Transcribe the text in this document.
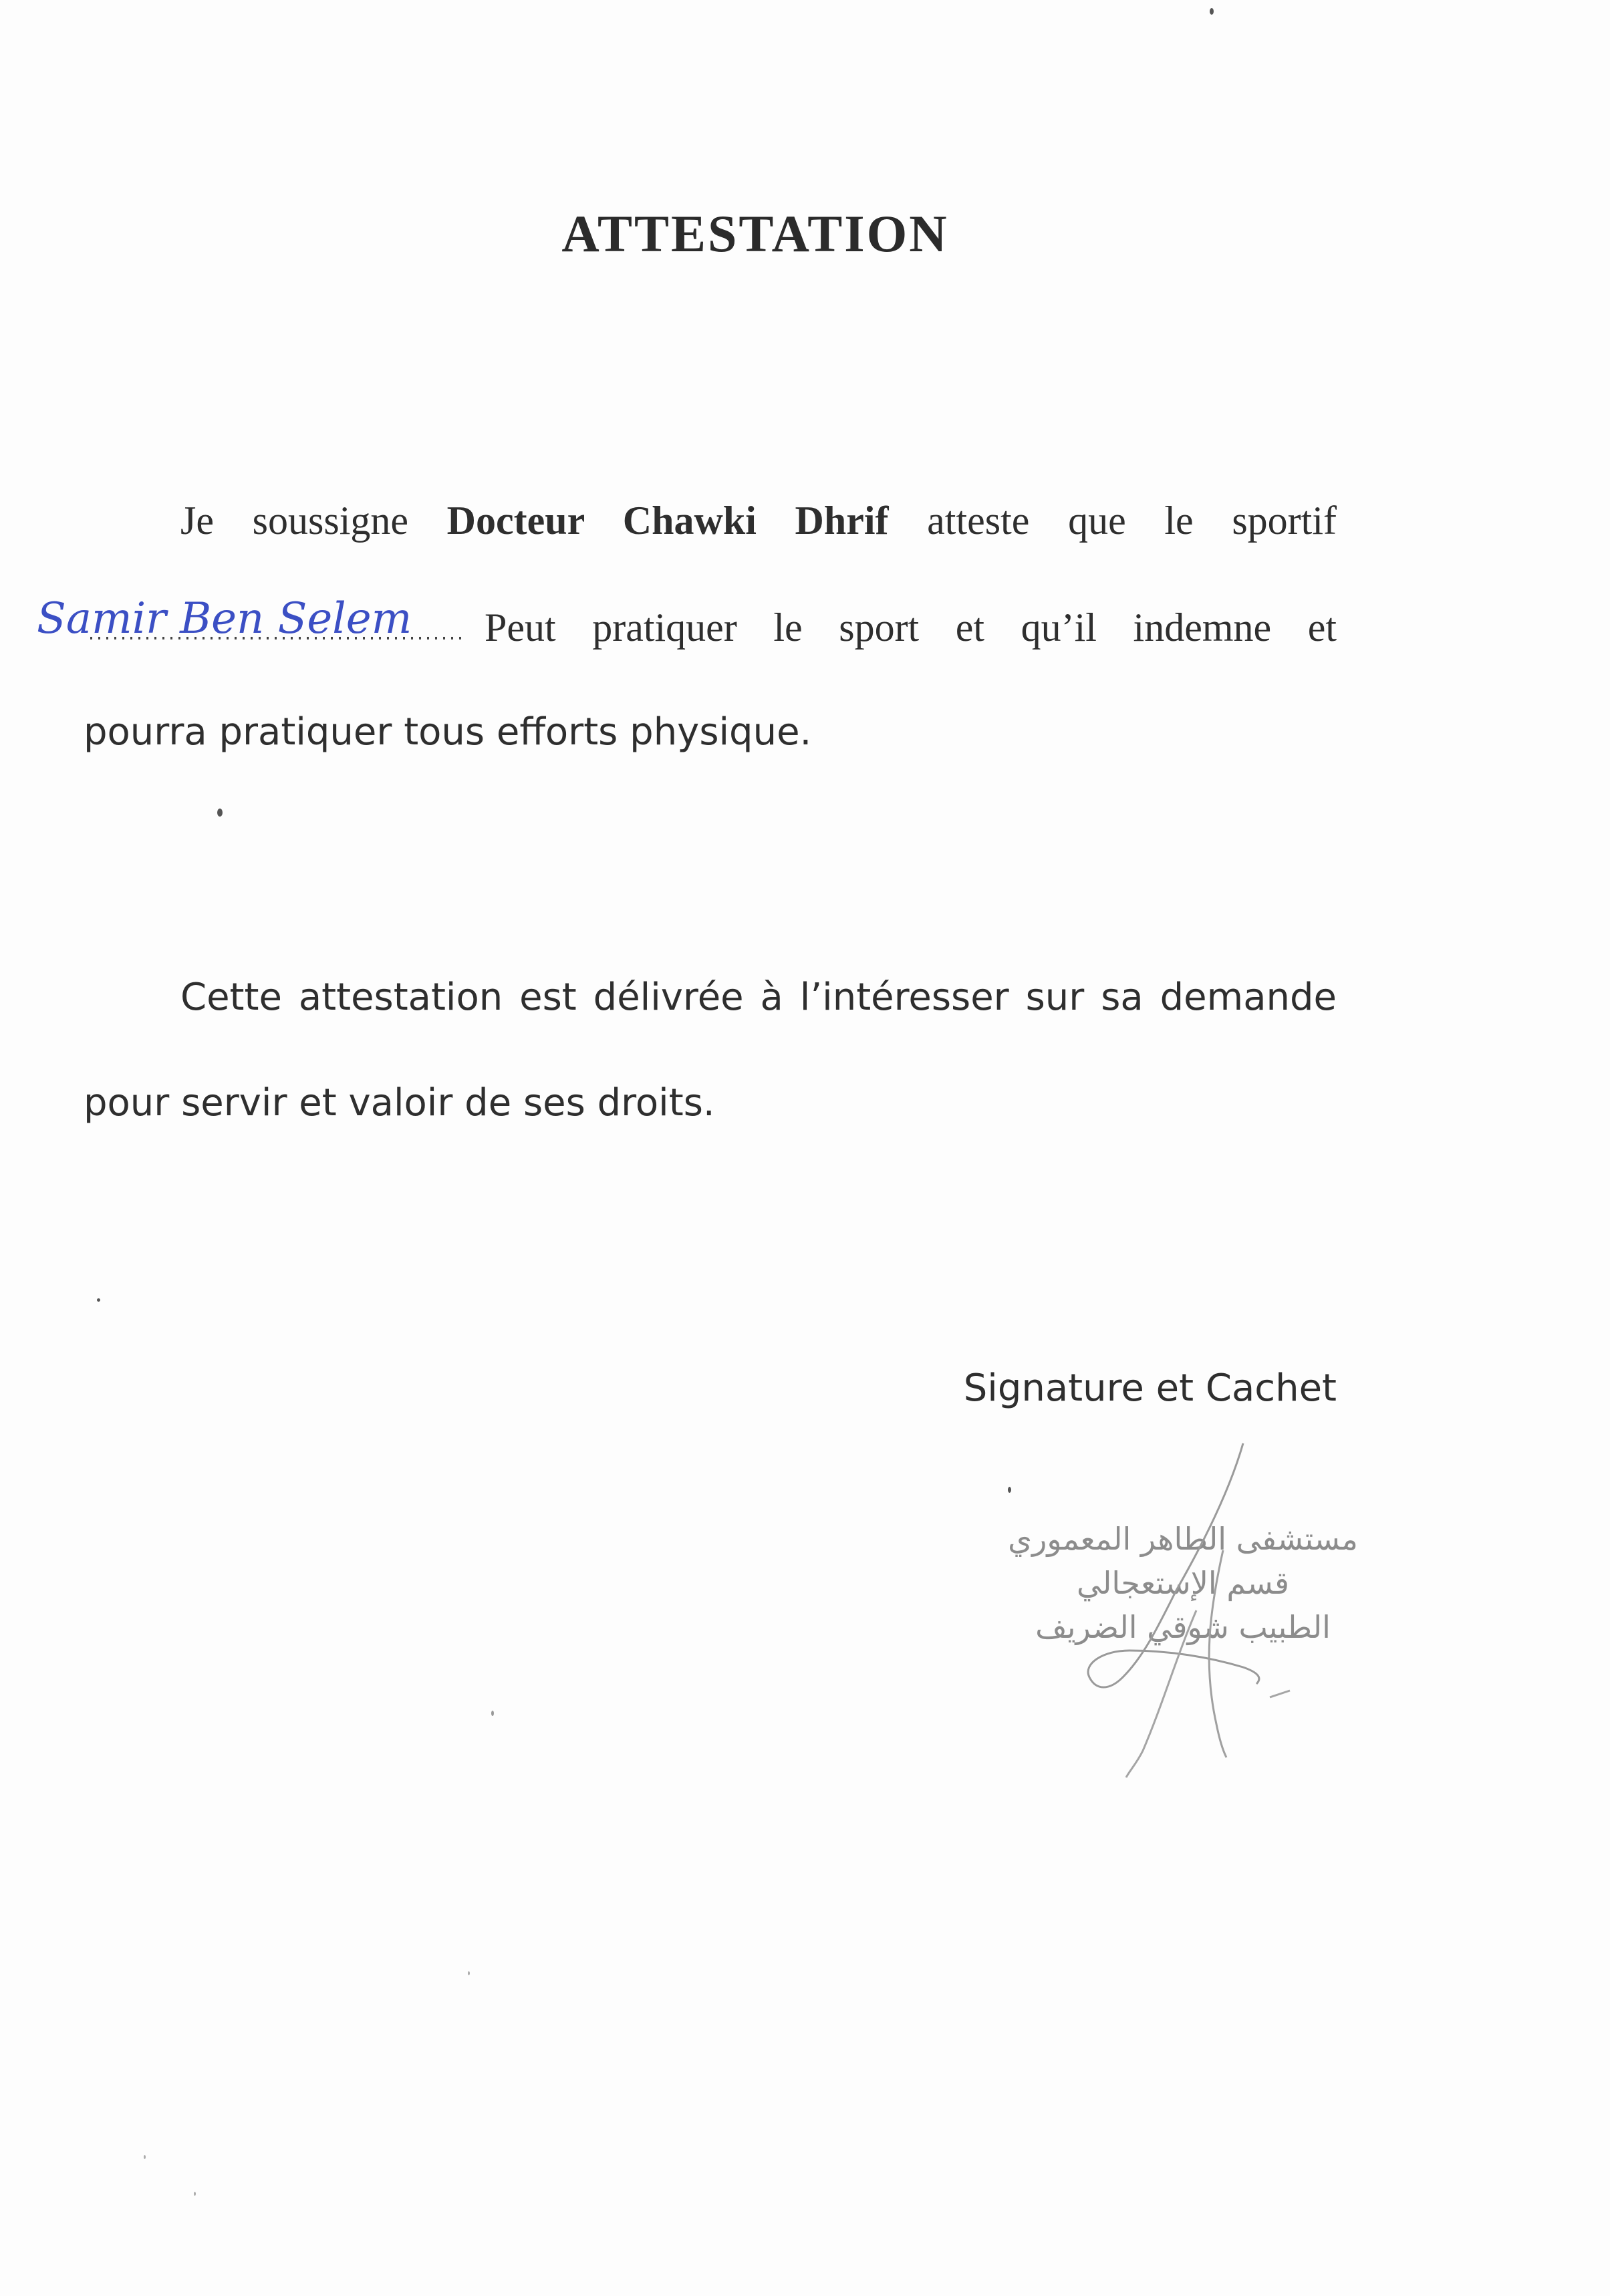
ATTESTATION
Je soussigne Docteur Chawki Dhrif atteste que le sportif
Samir Ben Selem Peut pratiquer le sport et qu’il indemne et
pourra pratiquer tous efforts physique.
Cette attestation est délivrée à l’intéresser sur sa demande
pour servir et valoir de ses droits.
Signature et Cachet
مستشفى الطاهر المعموري
قسم الإستعجالي
الطبيب شوقي الضريف
